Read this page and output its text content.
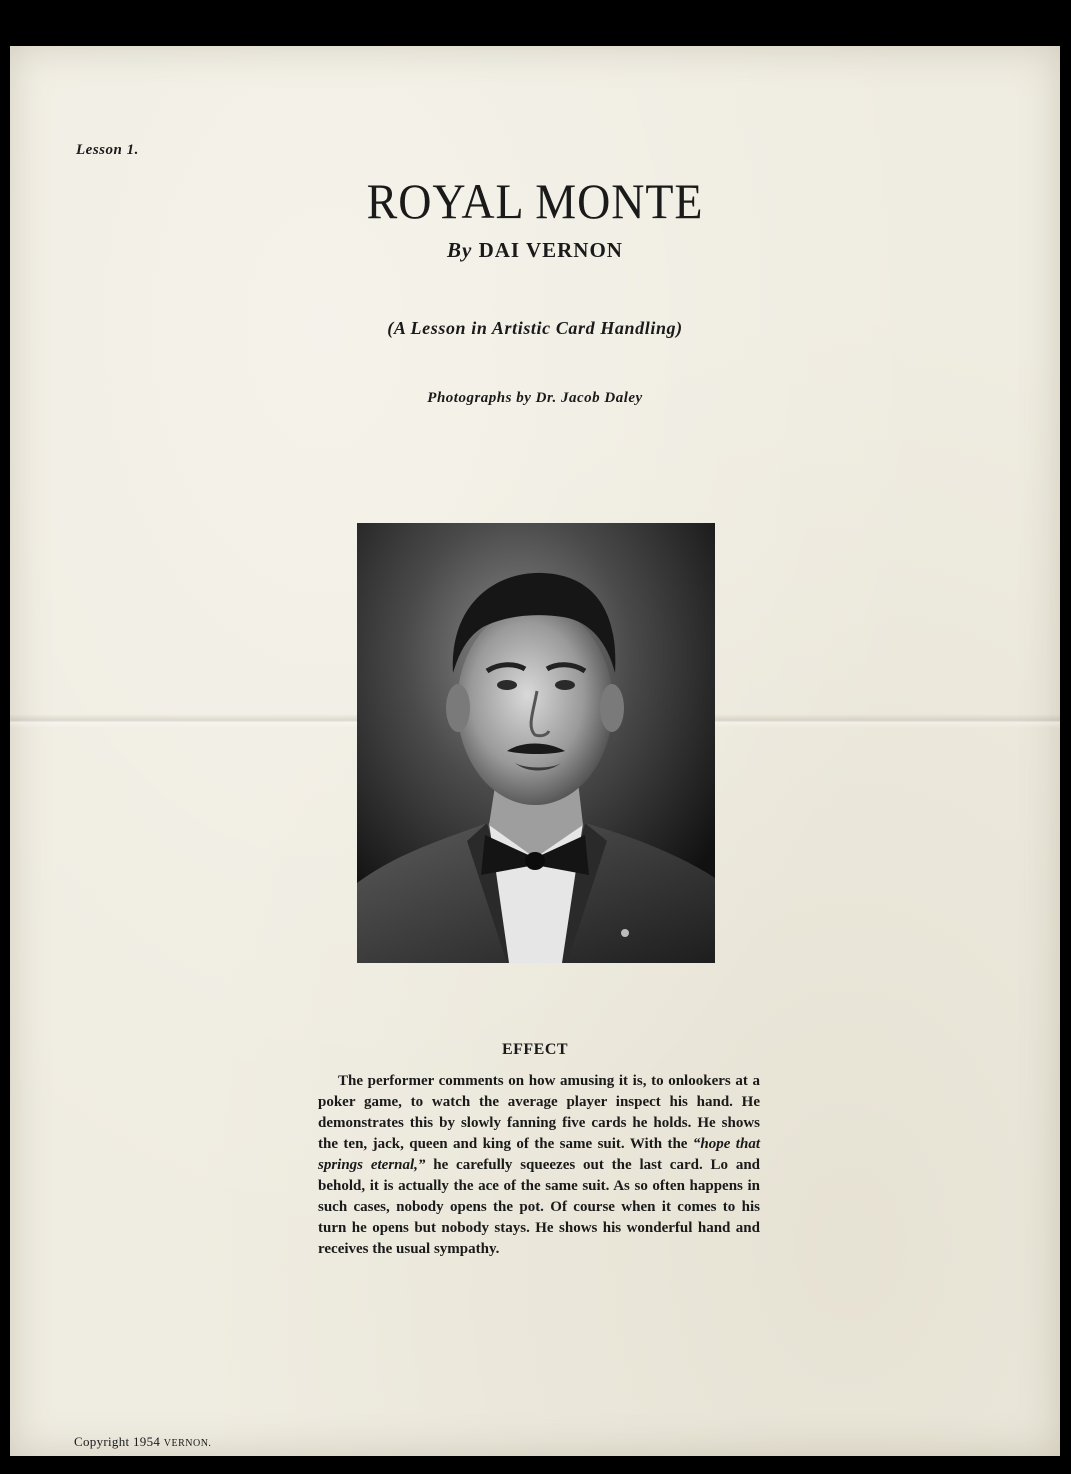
Lesson 1.
ROYAL MONTE
By DAI VERNON
(A Lesson in Artistic Card Handling)
Photographs by Dr. Jacob Daley
EFFECT

The performer comments on how amusing it is, to onlookers at a poker game, to watch the average player inspect his hand. He demonstrates this by slowly fanning five cards he holds. He shows the ten, jack, queen and king of the same suit. With the “hope that springs eternal,” he carefully squeezes out the last card. Lo and behold, it is actually the ace of the same suit. As so often happens in such cases, nobody opens the pot. Of course when it comes to his turn he opens but nobody stays. He shows his wonderful hand and receives the usual sympathy.

Copyright 1954 VERNON.
